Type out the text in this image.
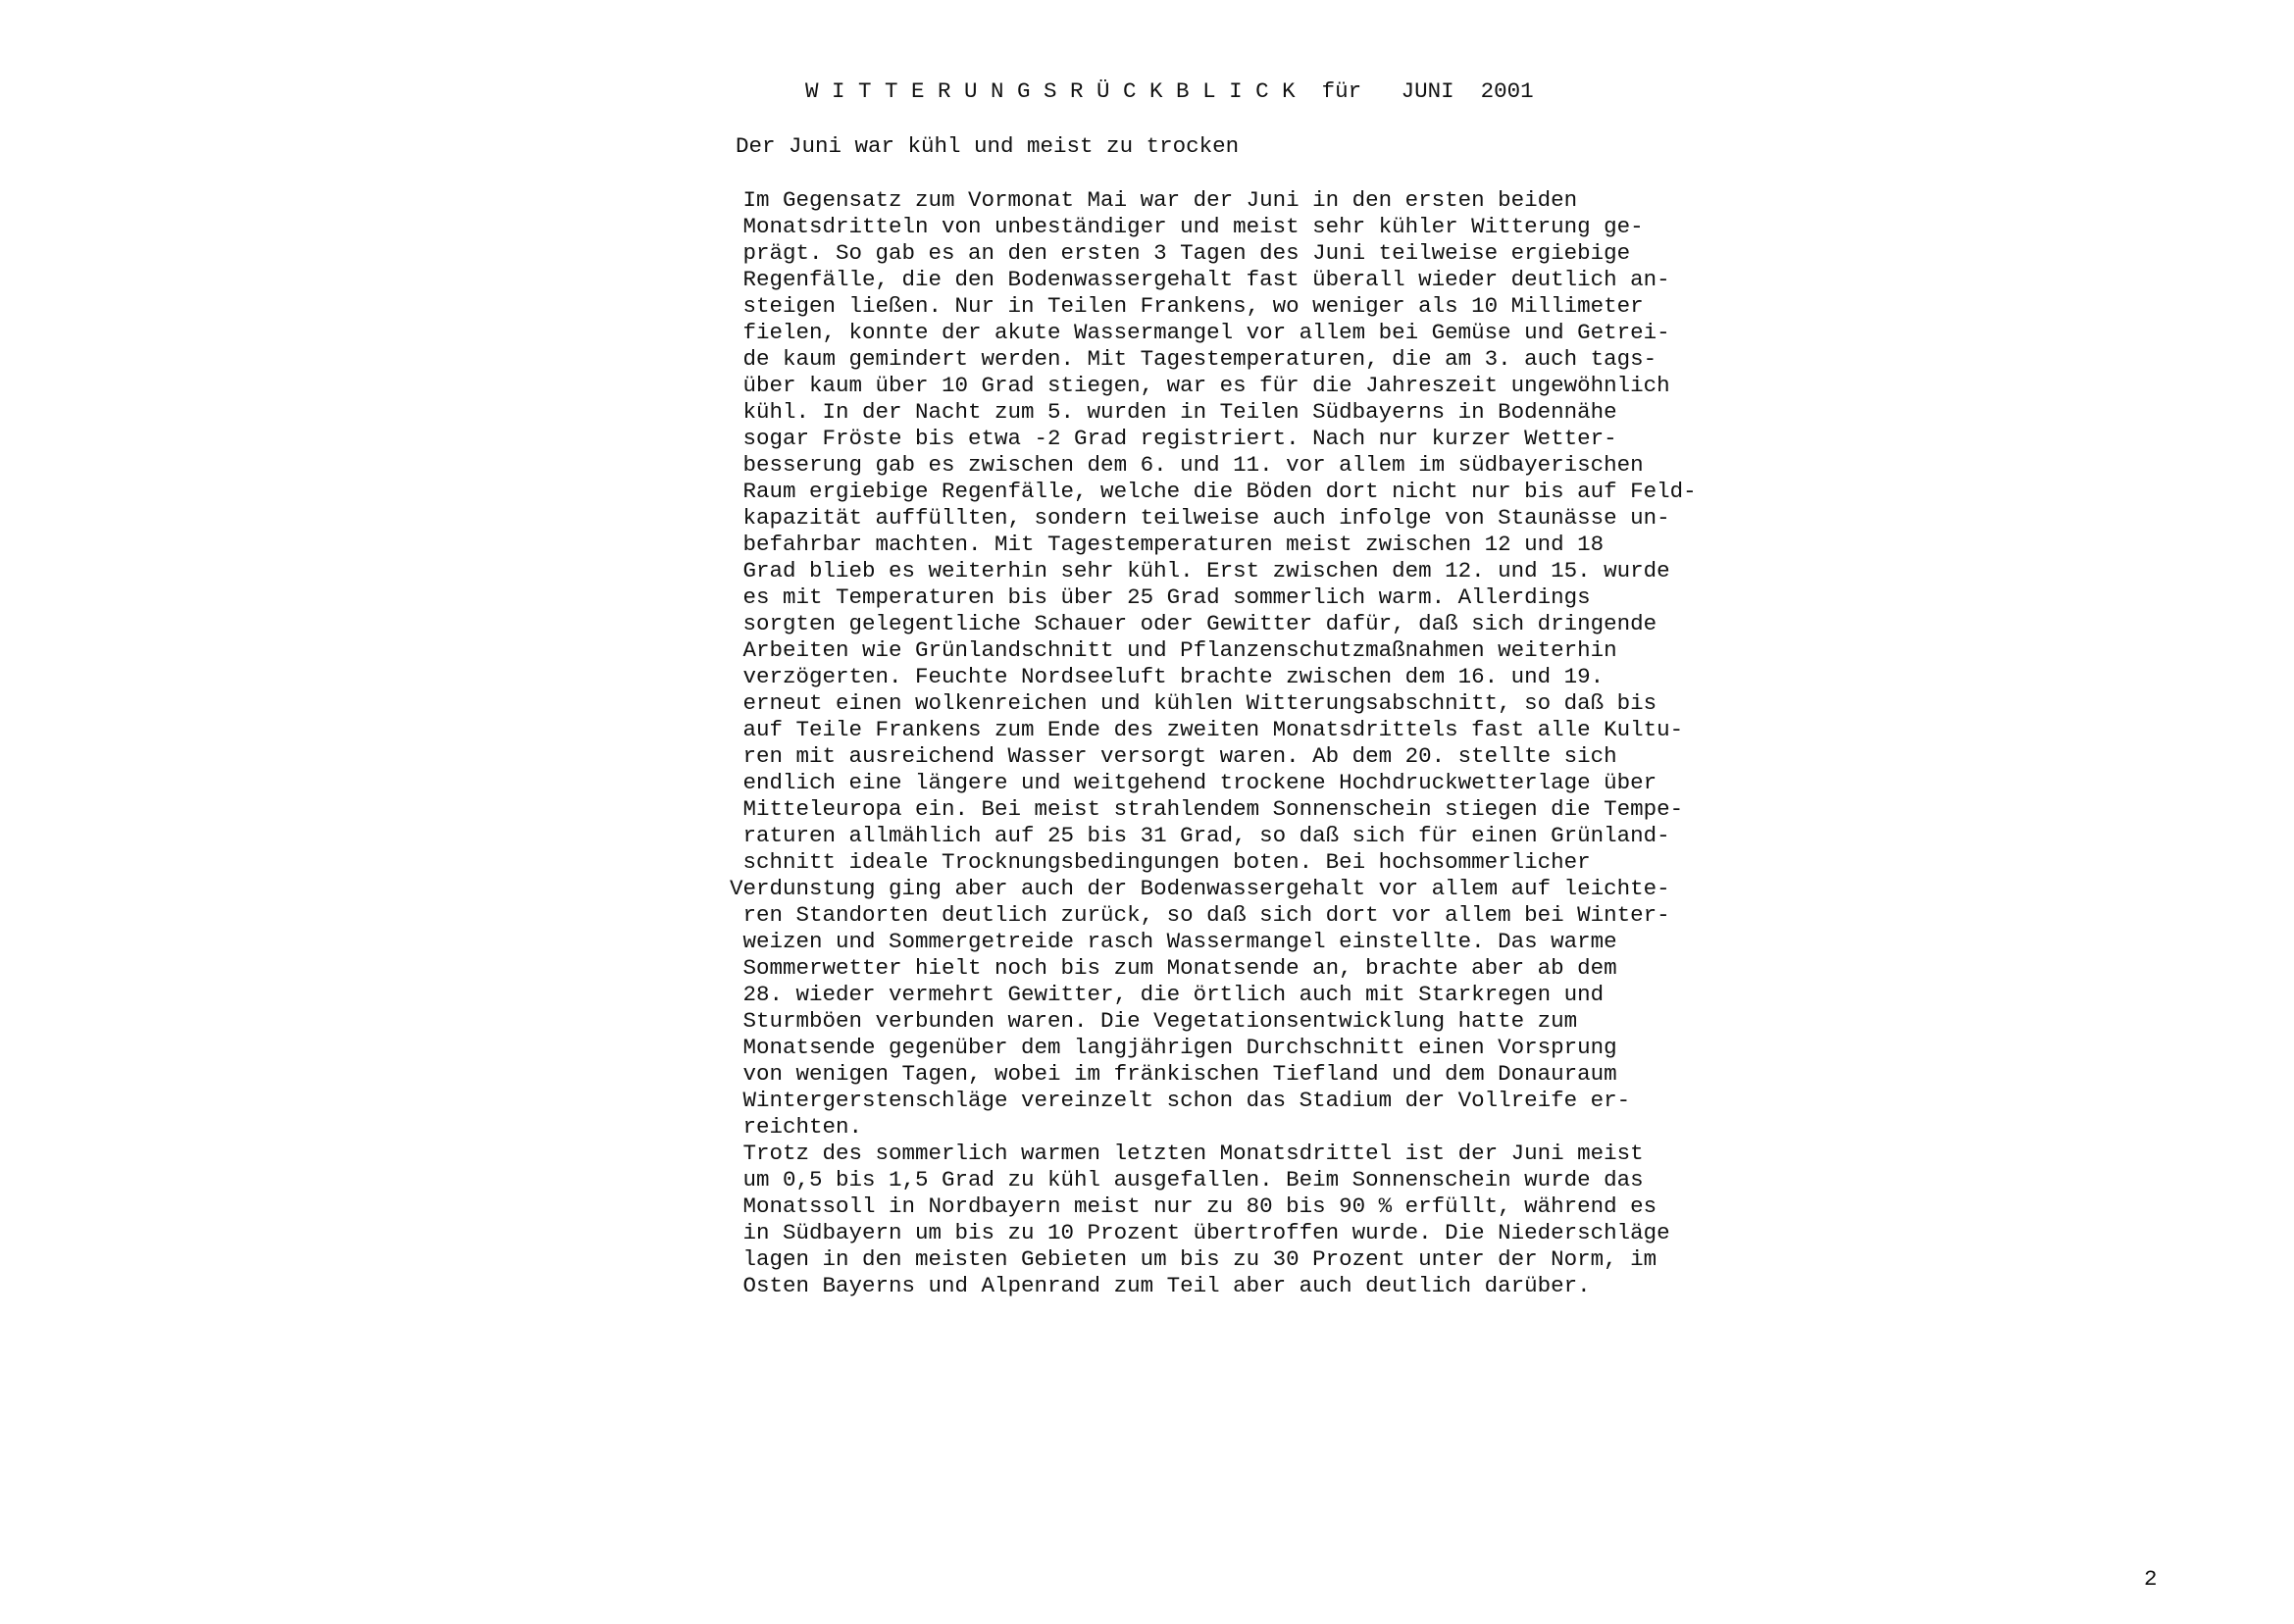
W I T T E R U N G S R Ü C K B L I C K  für   JUNI  2001
Der Juni war kühl und meist zu trocken
Im Gegensatz zum Vormonat Mai war der Juni in den ersten beiden
Monatsdritteln von unbeständiger und meist sehr kühler Witterung ge-
prägt. So gab es an den ersten 3 Tagen des Juni teilweise ergiebige
Regenfälle, die den Bodenwassergehalt fast überall wieder deutlich an-
steigen ließen. Nur in Teilen Frankens, wo weniger als 10 Millimeter
fielen, konnte der akute Wassermangel vor allem bei Gemüse und Getrei-
de kaum gemindert werden. Mit Tagestemperaturen, die am 3. auch tags-
über kaum über 10 Grad stiegen, war es für die Jahreszeit ungewöhnlich
kühl. In der Nacht zum 5. wurden in Teilen Südbayerns in Bodennähe
sogar Fröste bis etwa -2 Grad registriert. Nach nur kurzer Wetter-
besserung gab es zwischen dem 6. und 11. vor allem im südbayerischen
Raum ergiebige Regenfälle, welche die Böden dort nicht nur bis auf Feld-
kapazität auffüllten, sondern teilweise auch infolge von Staunässe un-
befahrbar machten. Mit Tagestemperaturen meist zwischen 12 und 18
Grad blieb es weiterhin sehr kühl. Erst zwischen dem 12. und 15. wurde
es mit Temperaturen bis über 25 Grad sommerlich warm. Allerdings
sorgten gelegentliche Schauer oder Gewitter dafür, daß sich dringende
Arbeiten wie Grünlandschnitt und Pflanzenschutzmaßnahmen weiterhin
verzögerten. Feuchte Nordseeluft brachte zwischen dem 16. und 19.
erneut einen wolkenreichen und kühlen Witterungsabschnitt, so daß bis
auf Teile Frankens zum Ende des zweiten Monatsdrittels fast alle Kultu-
ren mit ausreichend Wasser versorgt waren. Ab dem 20. stellte sich
endlich eine längere und weitgehend trockene Hochdruckwetterlage über
Mitteleuropa ein. Bei meist strahlendem Sonnenschein stiegen die Tempe-
raturen allmählich auf 25 bis 31 Grad, so daß sich für einen Grünland-
schnitt ideale Trocknungsbedingungen boten. Bei hochsommerlicher
Verdunstung ging aber auch der Bodenwassergehalt vor allem auf leichte-
ren Standorten deutlich zurück, so daß sich dort vor allem bei Winter-
weizen und Sommergetreide rasch Wassermangel einstellte. Das warme
Sommerwetter hielt noch bis zum Monatsende an, brachte aber ab dem
28. wieder vermehrt Gewitter, die örtlich auch mit Starkregen und
Sturmböen verbunden waren. Die Vegetationsentwicklung hatte zum
Monatsende gegenüber dem langjährigen Durchschnitt einen Vorsprung
von wenigen Tagen, wobei im fränkischen Tiefland und dem Donauraum
Wintergerstenschläge vereinzelt schon das Stadium der Vollreife er-
reichten.
Trotz des sommerlich warmen letzten Monatsdrittel ist der Juni meist
um 0,5 bis 1,5 Grad zu kühl ausgefallen. Beim Sonnenschein wurde das
Monatssoll in Nordbayern meist nur zu 80 bis 90 % erfüllt, während es
in Südbayern um bis zu 10 Prozent übertroffen wurde. Die Niederschläge
lagen in den meisten Gebieten um bis zu 30 Prozent unter der Norm, im
Osten Bayerns und Alpenrand zum Teil aber auch deutlich darüber.
2
